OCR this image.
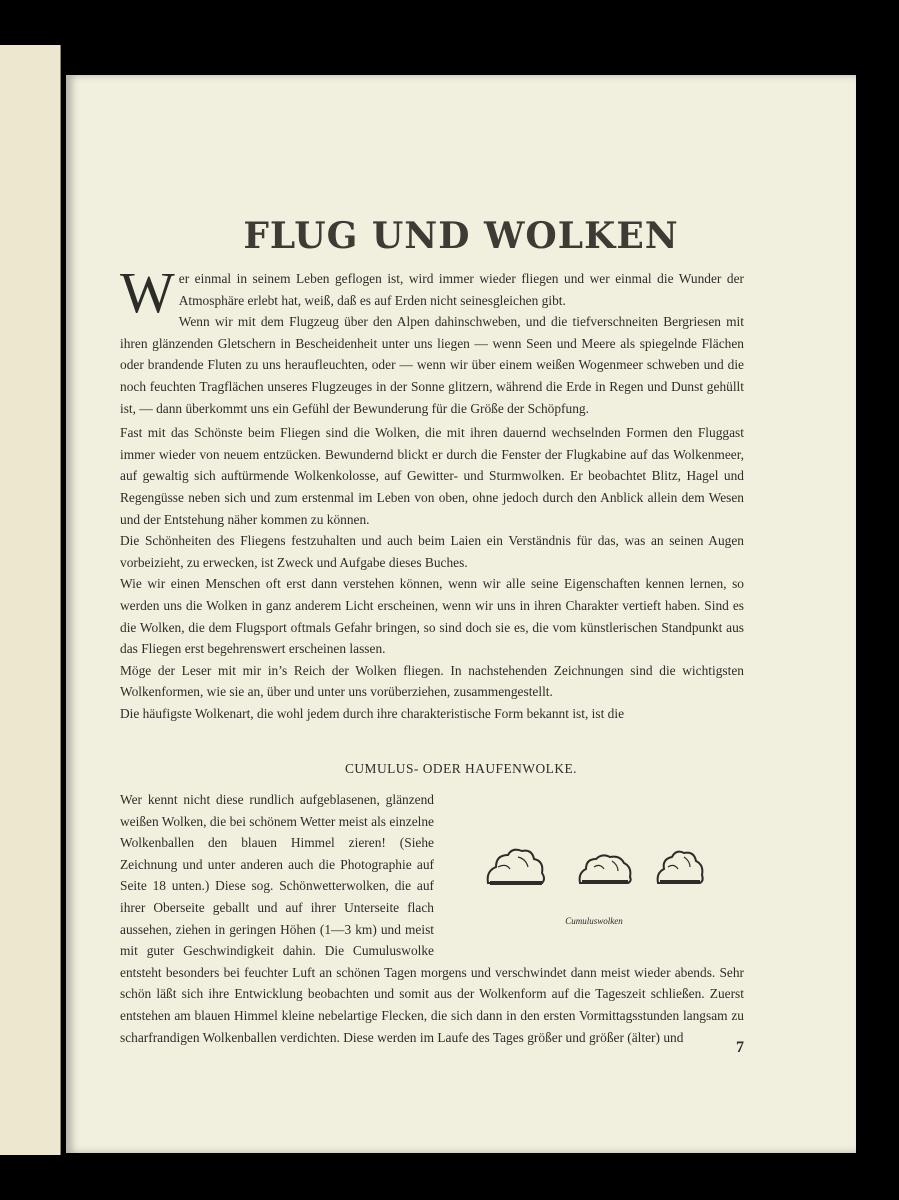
FLUG UND WOLKEN

Wer einmal in seinem Leben geflogen ist, wird immer wieder fliegen und wer einmal die Wunder der Atmosphäre erlebt hat, weiß, daß es auf Erden nicht seinesgleichen gibt.

Wenn wir mit dem Flugzeug über den Alpen dahinschweben, und die tiefverschneiten Bergriesen mit ihren glänzenden Gletschern in Bescheidenheit unter uns liegen — wenn Seen und Meere als spiegelnde Flächen oder brandende Fluten zu uns heraufleuchten, oder — wenn wir über einem weißen Wogenmeer schweben und die noch feuchten Tragflächen unseres Flugzeuges in der Sonne glitzern, während die Erde in Regen und Dunst gehüllt ist, — dann überkommt uns ein Gefühl der Bewunderung für die Größe der Schöpfung.

Fast mit das Schönste beim Fliegen sind die Wolken, die mit ihren dauernd wechselnden Formen den Fluggast immer wieder von neuem entzücken. Bewundernd blickt er durch die Fenster der Flugkabine auf das Wolkenmeer, auf gewaltig sich auftürmende Wolkenkolosse, auf Gewitter- und Sturmwolken. Er beobachtet Blitz, Hagel und Regengüsse neben sich und zum erstenmal im Leben von oben, ohne jedoch durch den Anblick allein dem Wesen und der Entstehung näher kommen zu können.

Die Schönheiten des Fliegens festzuhalten und auch beim Laien ein Verständnis für das, was an seinen Augen vorbeizieht, zu erwecken, ist Zweck und Aufgabe dieses Buches.

Wie wir einen Menschen oft erst dann verstehen können, wenn wir alle seine Eigenschaften kennen lernen, so werden uns die Wolken in ganz anderem Licht erscheinen, wenn wir uns in ihren Charakter vertieft haben. Sind es die Wolken, die dem Flugsport oftmals Gefahr bringen, so sind doch sie es, die vom künstlerischen Standpunkt aus das Fliegen erst begehrenswert erscheinen lassen.

Möge der Leser mit mir in’s Reich der Wolken fliegen. In nachstehenden Zeichnungen sind die wichtigsten Wolkenformen, wie sie an, über und unter uns vorüberziehen, zusammengestellt.

Die häufigste Wolkenart, die wohl jedem durch ihre charakteristische Form bekannt ist, ist die

CUMULUS- ODER HAUFENWOLKE.
Cumuluswolken

Wer kennt nicht diese rundlich aufgeblasenen, glänzend weißen Wolken, die bei schönem Wetter meist als einzelne Wolkenballen den blauen Himmel zieren! (Siehe Zeichnung und unter anderen auch die Photographie auf Seite 18 unten.) Diese sog. Schönwetterwolken, die auf ihrer Oberseite geballt und auf ihrer Unterseite flach aussehen, ziehen in geringen Höhen (1—3 km) und meist mit guter Geschwindigkeit dahin. Die Cumuluswolke entsteht besonders bei feuchter Luft an schönen Tagen morgens und verschwindet dann meist wieder abends. Sehr schön läßt sich ihre Entwicklung beobachten und somit aus der Wolkenform auf die Tageszeit schließen. Zuerst entstehen am blauen Himmel kleine nebelartige Flecken, die sich dann in den ersten Vormittagsstunden langsam zu scharfrandigen Wolkenballen verdichten. Diese werden im Laufe des Tages größer und größer (älter) und

7
